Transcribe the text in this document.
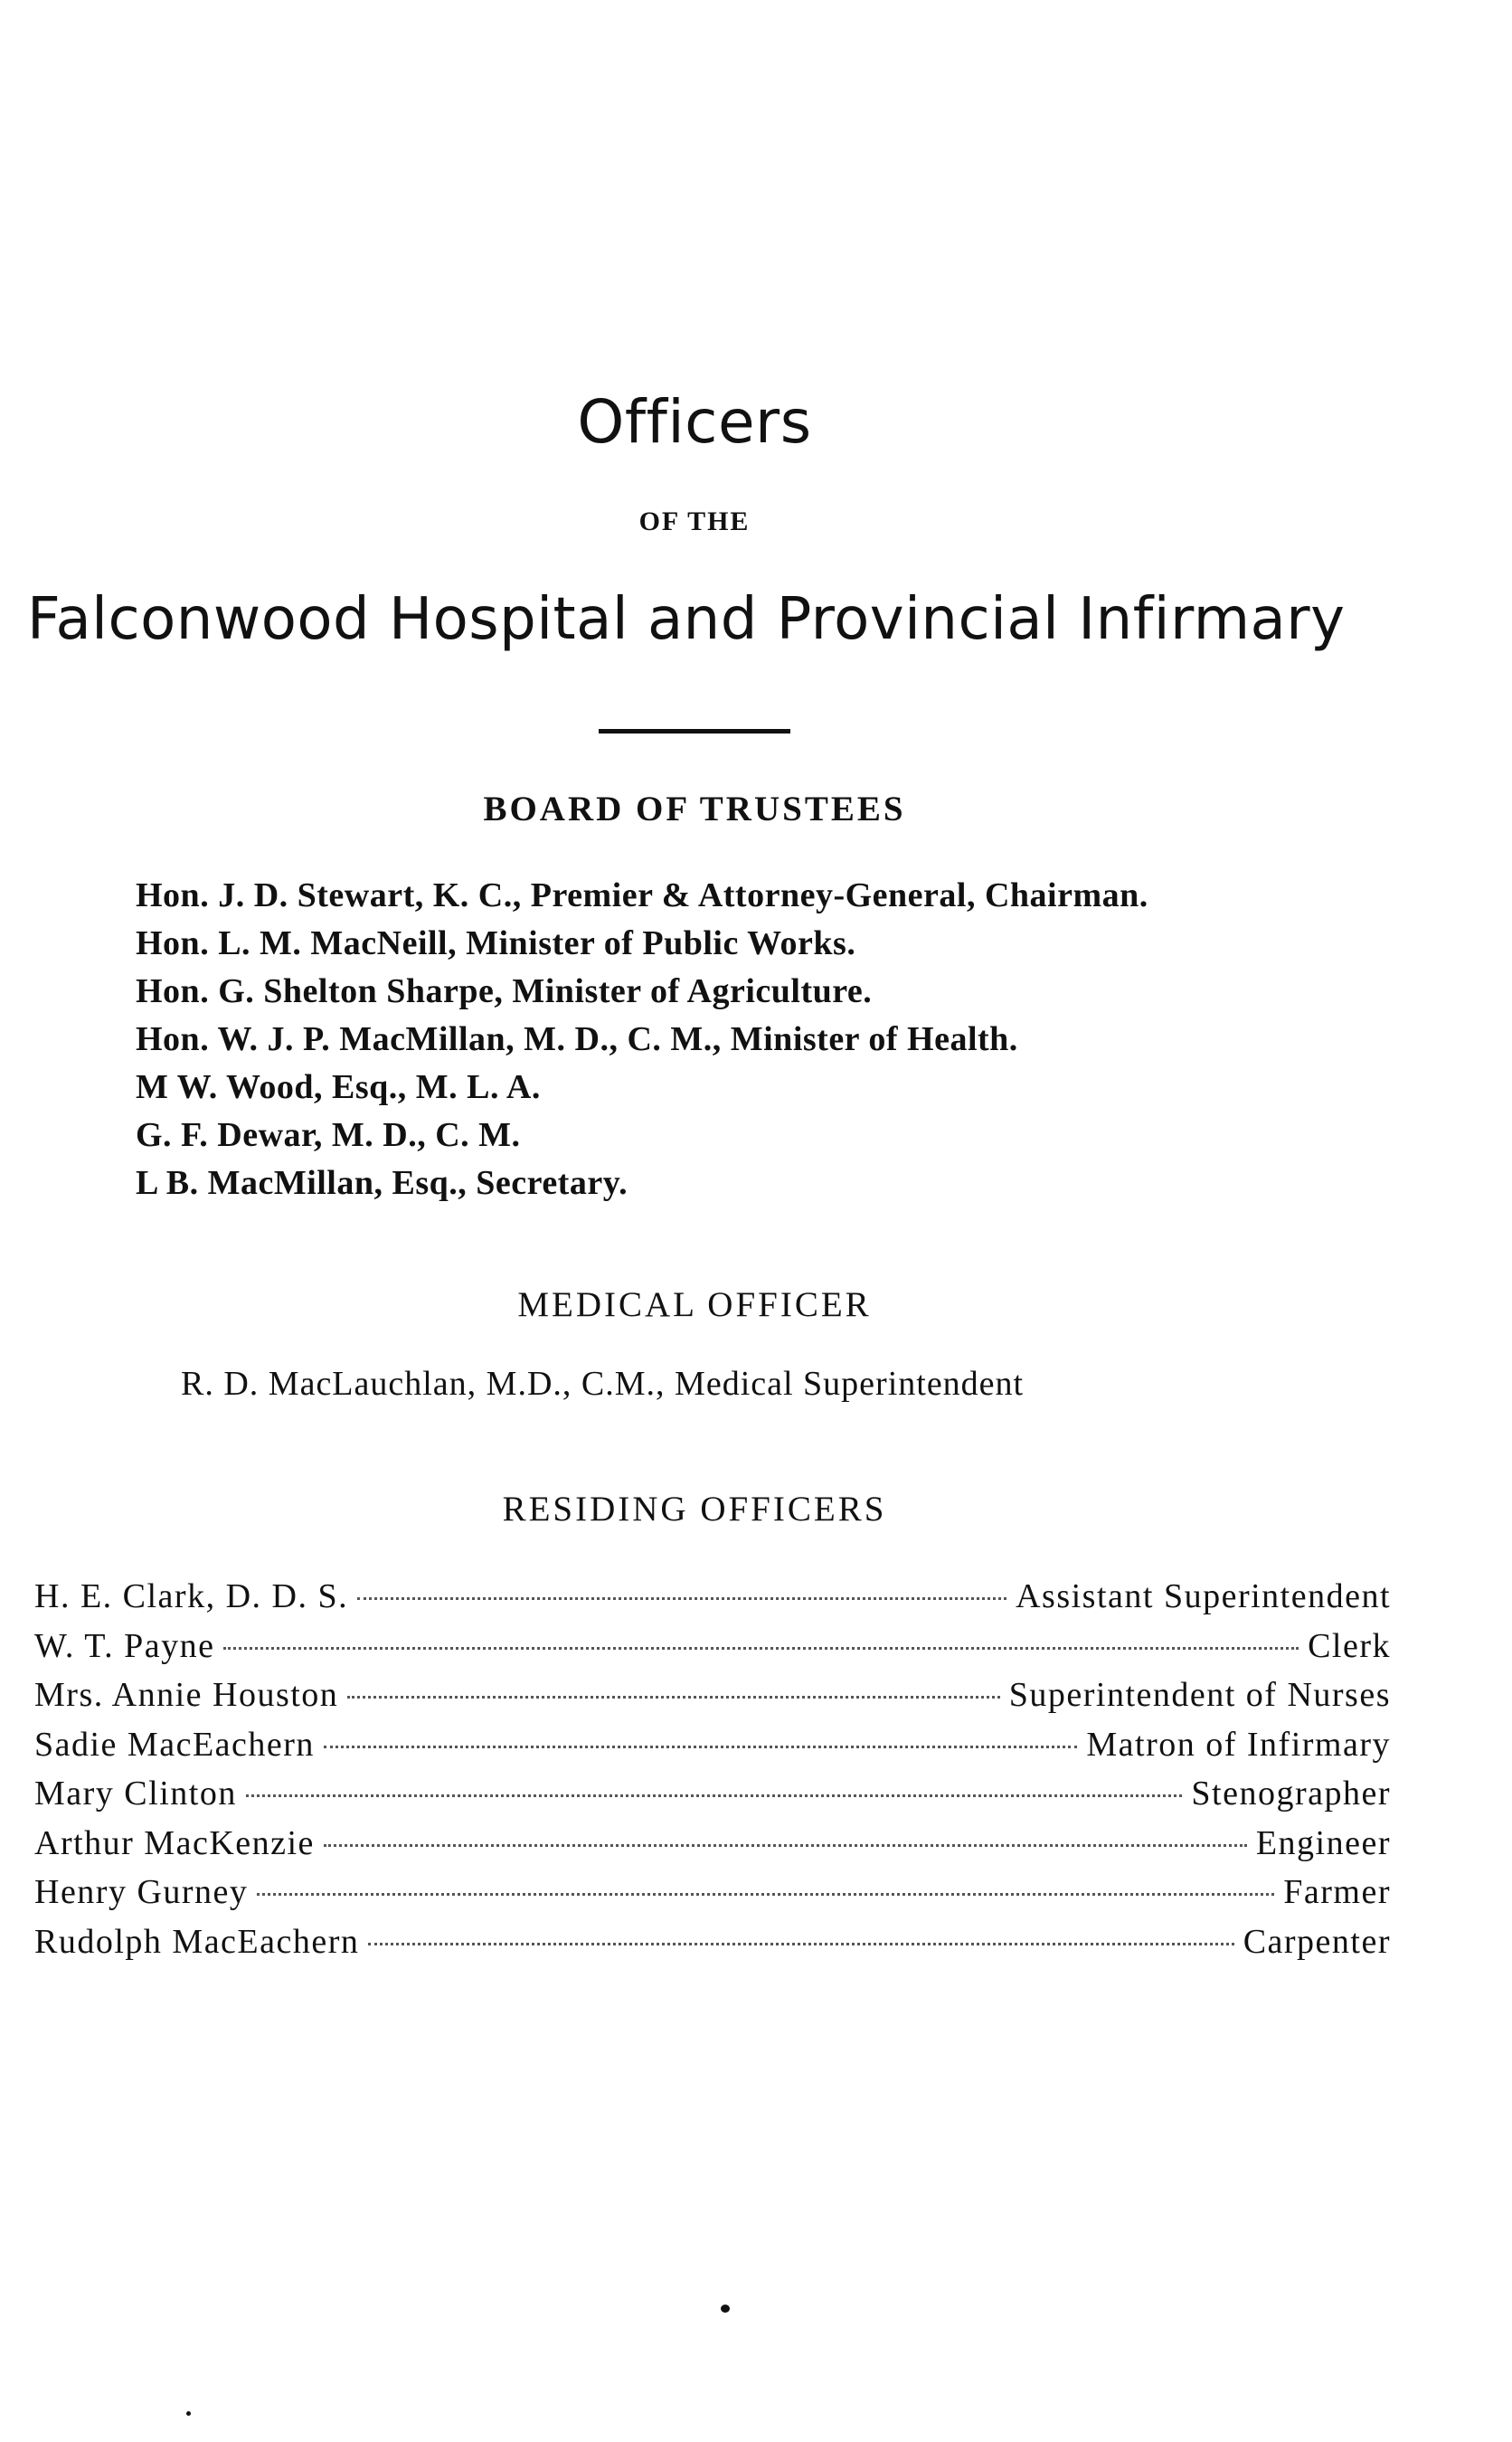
Officers
OF THE
Falconwood Hospital and Provincial Infirmary
BOARD OF TRUSTEES
Hon. J. D. Stewart, K. C., Premier & Attorney-General, Chairman.
Hon. L. M. MacNeill, Minister of Public Works.
Hon. G. Shelton Sharpe, Minister of Agriculture.
Hon. W. J. P. MacMillan, M. D., C. M., Minister of Health.
M W. Wood, Esq., M. L. A.
G. F. Dewar, M. D., C. M.
L B. MacMillan, Esq., Secretary.
MEDICAL OFFICER
R. D. MacLauchlan, M.D., C.M., Medical Superintendent
RESIDING OFFICERS
H. E. Clark, D. D. S.	Assistant Superintendent
W. T. Payne	Clerk
Mrs. Annie Houston	Superintendent of Nurses
Sadie MacEachern	Matron of Infirmary
Mary Clinton	Stenographer
Arthur MacKenzie	Engineer
Henry Gurney	Farmer
Rudolph MacEachern	Carpenter
